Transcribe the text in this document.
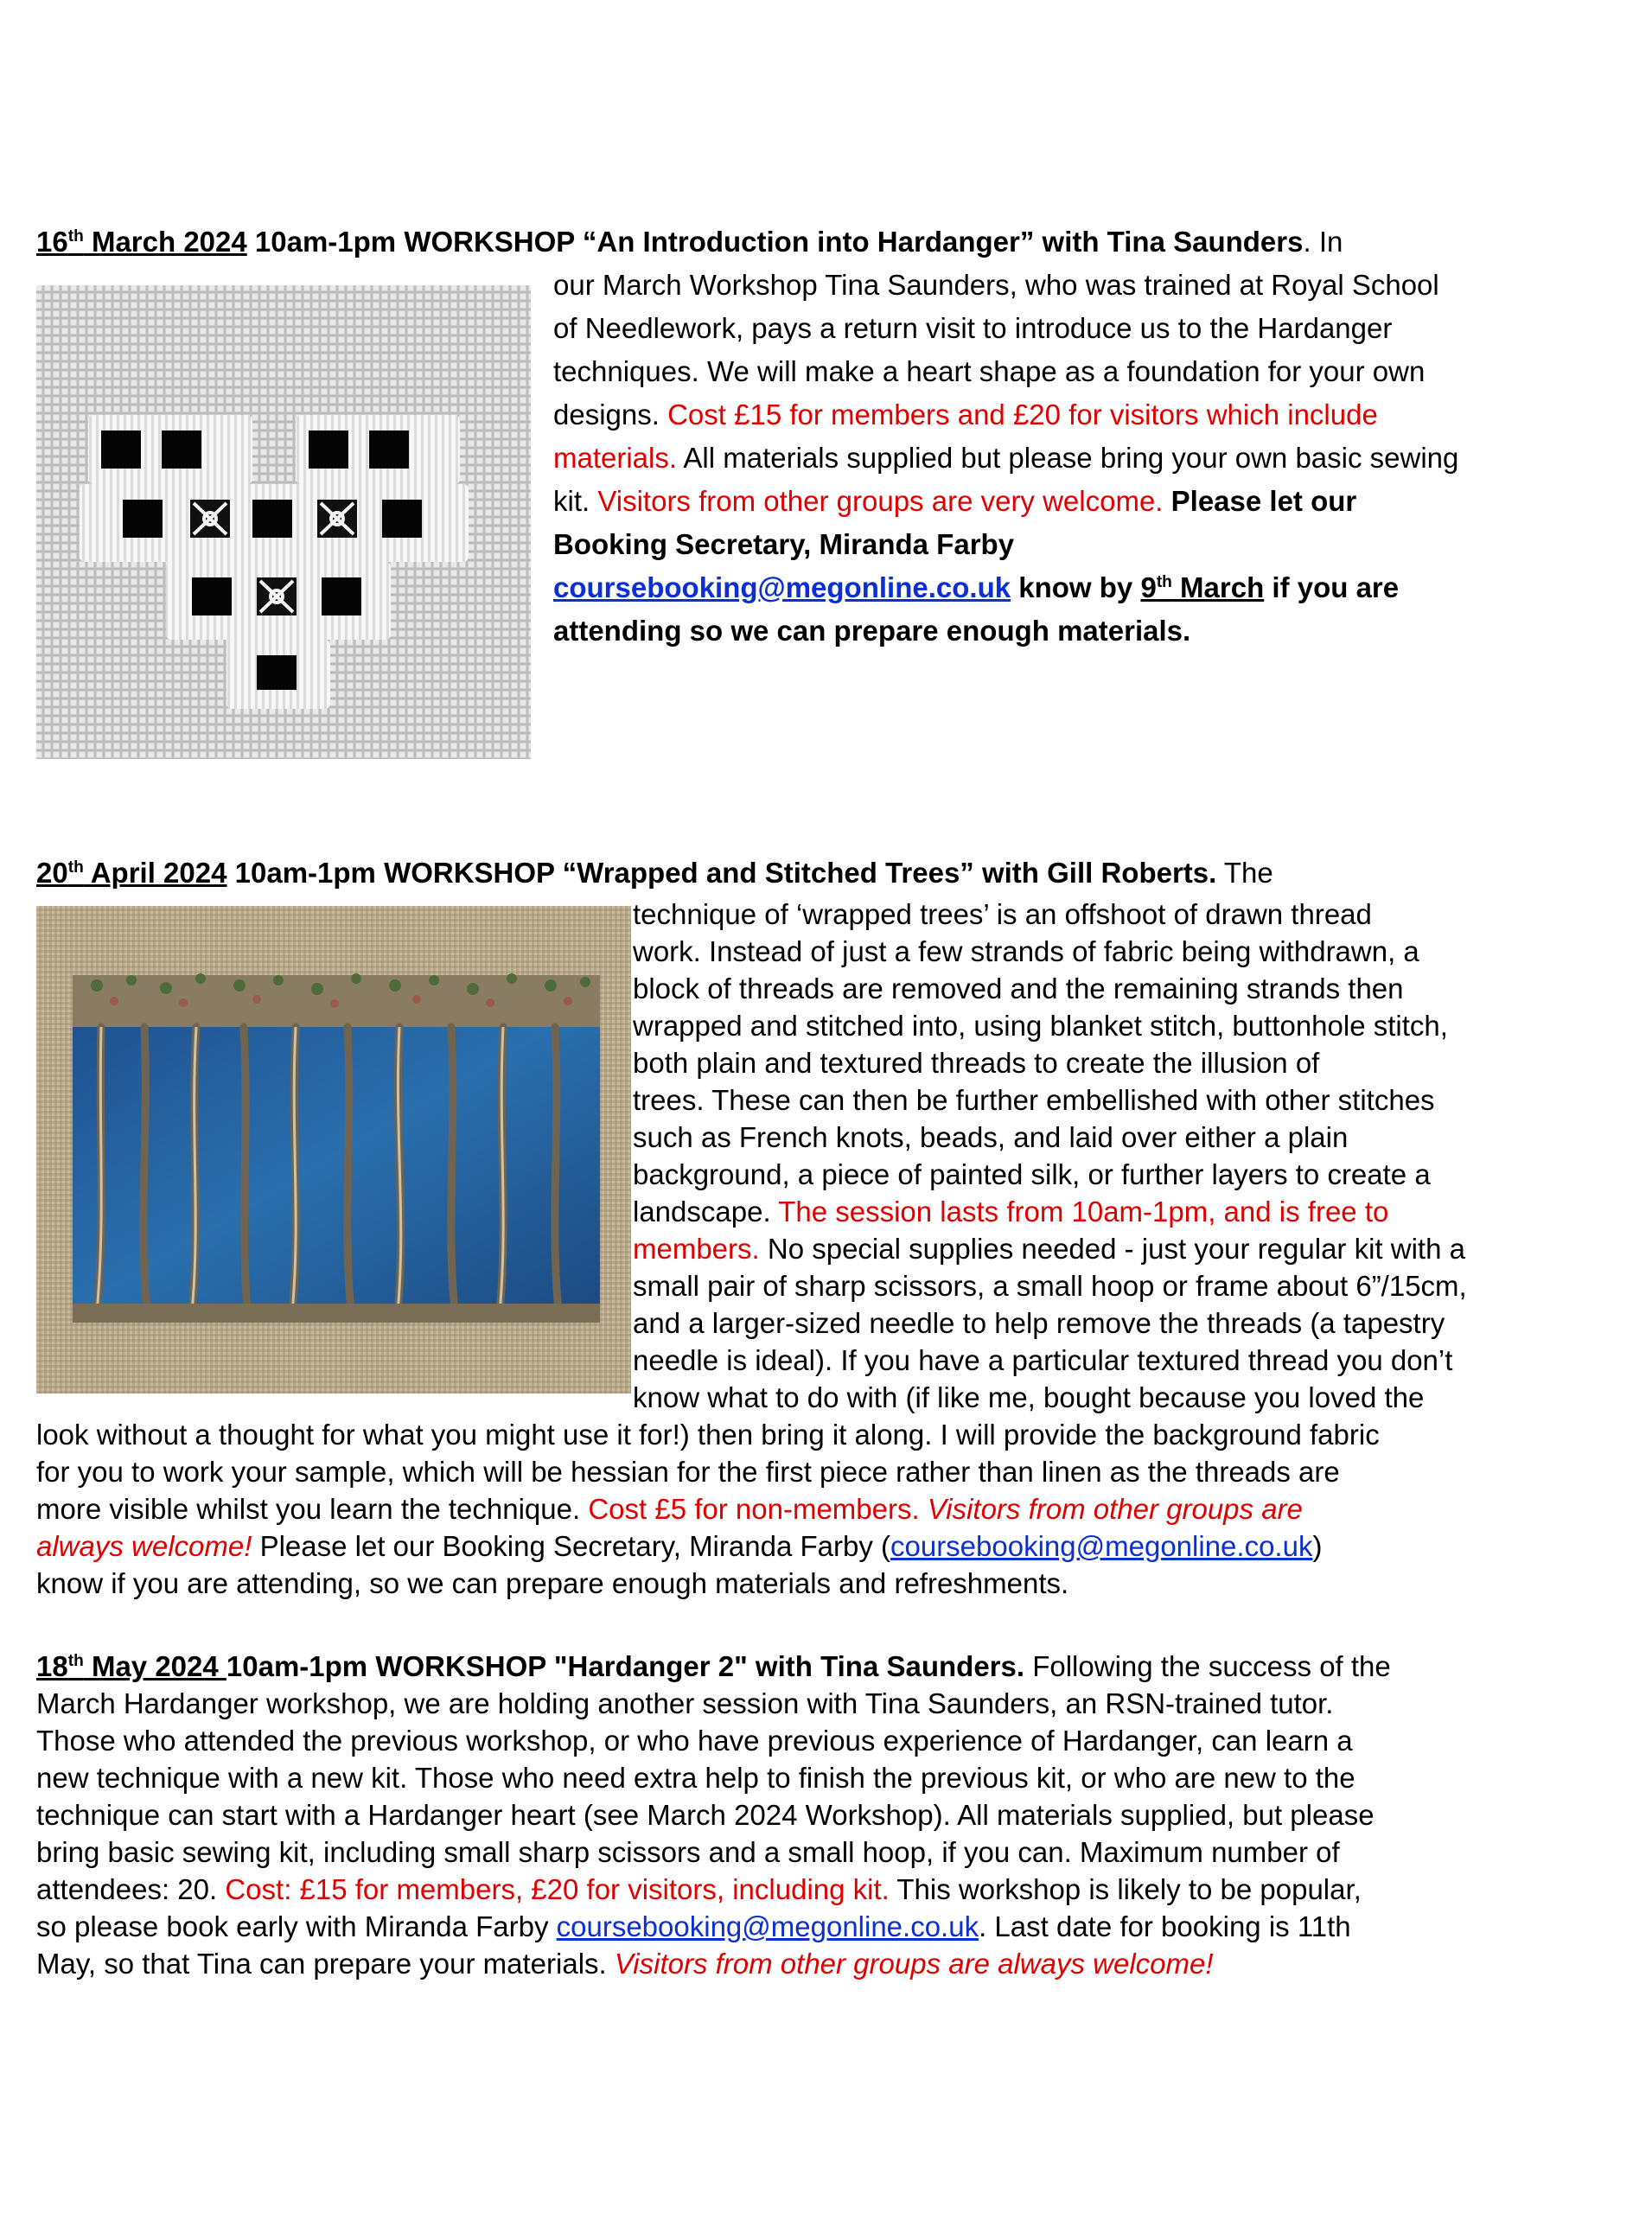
16th March 2024 10am-1pm WORKSHOP “An Introduction into Hardanger” with Tina Saunders. In
our March Workshop Tina Saunders, who was trained at Royal School
of Needlework, pays a return visit to introduce us to the Hardanger
techniques. We will make a heart shape as a foundation for your own
designs. Cost £15 for members and £20 for visitors which include
materials. All materials supplied but please bring your own basic sewing
kit. Visitors from other groups are very welcome. Please let our
Booking Secretary, Miranda Farby
coursebooking@megonline.co.uk know by 9th March if you are
attending so we can prepare enough materials.
20th April 2024 10am-1pm WORKSHOP “Wrapped and Stitched Trees” with Gill Roberts. The
technique of ‘wrapped trees’ is an offshoot of drawn thread
work. Instead of just a few strands of fabric being withdrawn, a
block of threads are removed and the remaining strands then
wrapped and stitched into, using blanket stitch, buttonhole stitch,
both plain and textured threads to create the illusion of
trees. These can then be further embellished with other stitches
such as French knots, beads, and laid over either a plain
background, a piece of painted silk, or further layers to create a
landscape. The session lasts from 10am-1pm, and is free to
members. No special supplies needed - just your regular kit with a
small pair of sharp scissors, a small hoop or frame about 6”/15cm,
and a larger-sized needle to help remove the threads (a tapestry
needle is ideal). If you have a particular textured thread you don’t
know what to do with (if like me, bought because you loved the
look without a thought for what you might use it for!) then bring it along. I will provide the background fabric
for you to work your sample, which will be hessian for the first piece rather than linen as the threads are
more visible whilst you learn the technique. Cost £5 for non-members. Visitors from other groups are
always welcome! Please let our Booking Secretary, Miranda Farby (coursebooking@megonline.co.uk)
know if you are attending, so we can prepare enough materials and refreshments.
18th May 2024 10am-1pm WORKSHOP "Hardanger 2" with Tina Saunders. Following the success of the
March Hardanger workshop, we are holding another session with Tina Saunders, an RSN-trained tutor.
Those who attended the previous workshop, or who have previous experience of Hardanger, can learn a
new technique with a new kit. Those who need extra help to finish the previous kit, or who are new to the
technique can start with a Hardanger heart (see March 2024 Workshop). All materials supplied, but please
bring basic sewing kit, including small sharp scissors and a small hoop, if you can. Maximum number of
attendees: 20. Cost: £15 for members, £20 for visitors, including kit. This workshop is likely to be popular,
so please book early with Miranda Farby coursebooking@megonline.co.uk. Last date for booking is 11th
May, so that Tina can prepare your materials. Visitors from other groups are always welcome!
